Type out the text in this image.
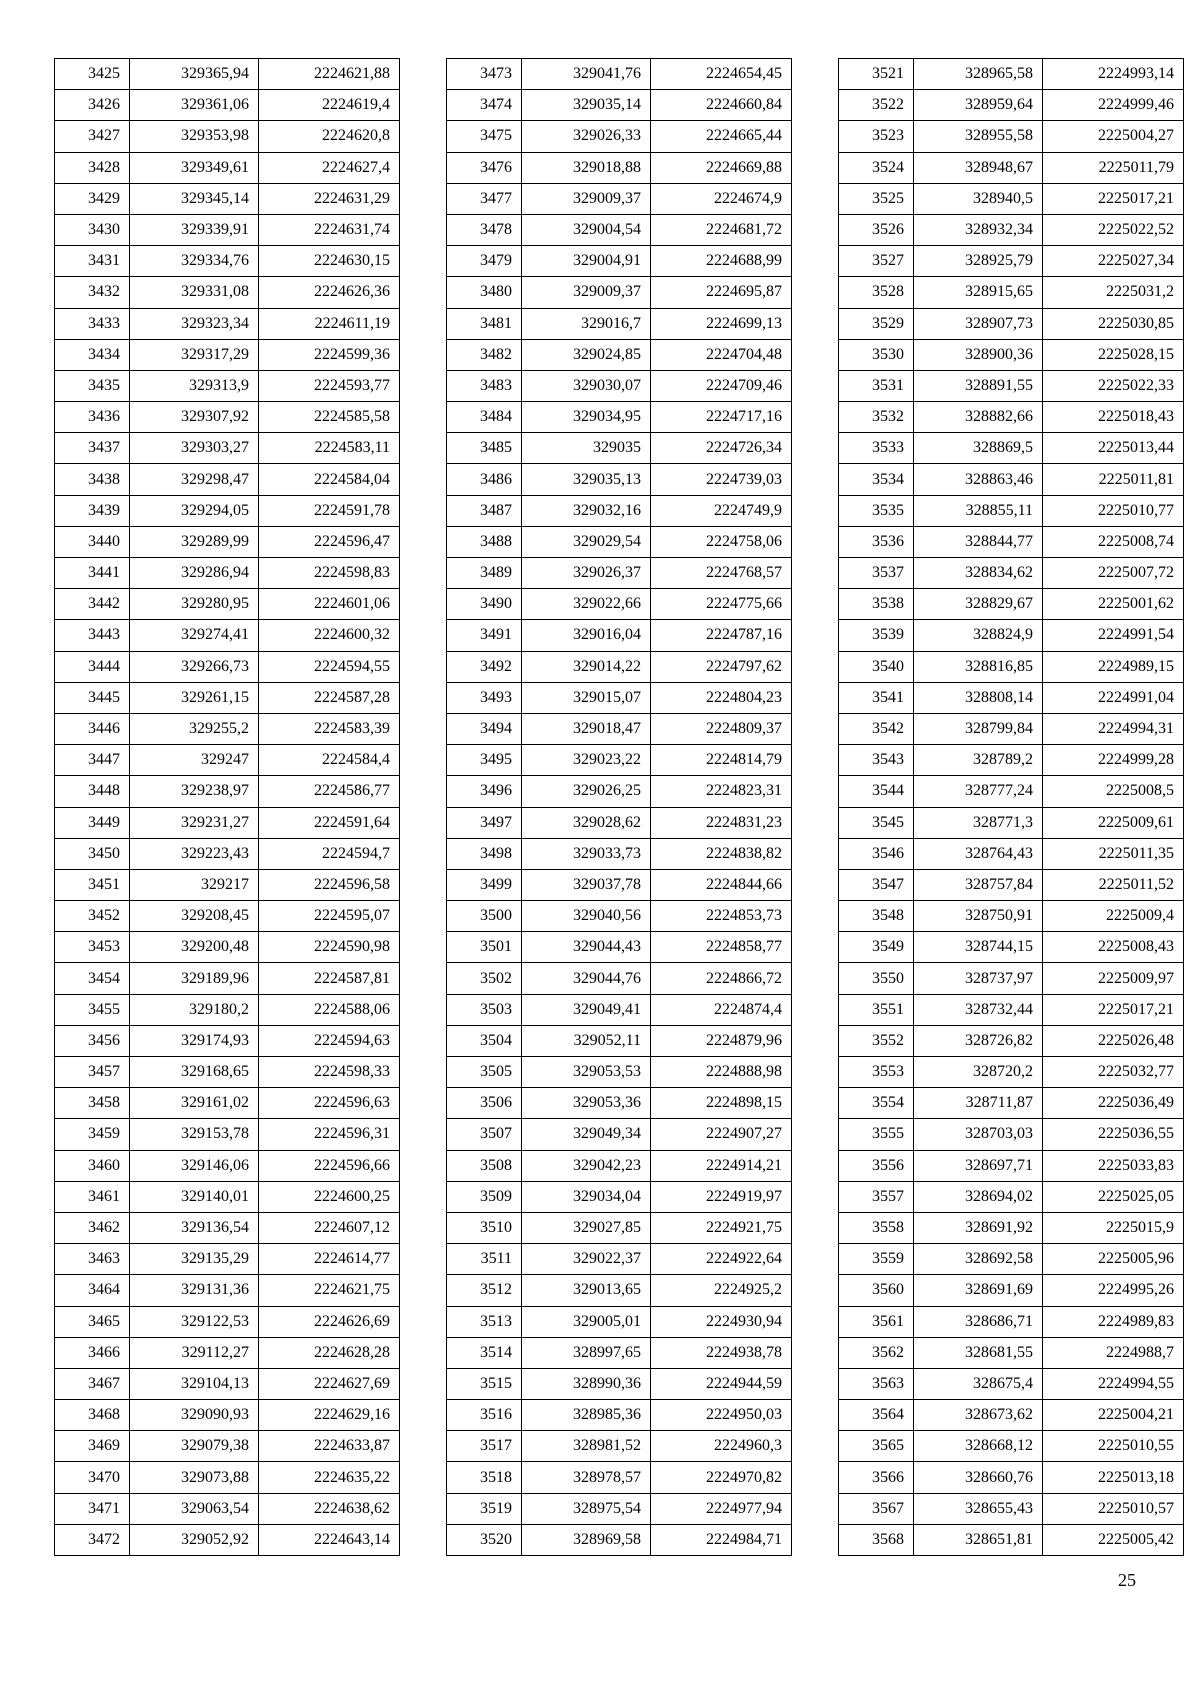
3425	329365,94	2224621,88
3426	329361,06	2224619,4
3427	329353,98	2224620,8
3428	329349,61	2224627,4
3429	329345,14	2224631,29
3430	329339,91	2224631,74
3431	329334,76	2224630,15
3432	329331,08	2224626,36
3433	329323,34	2224611,19
3434	329317,29	2224599,36
3435	329313,9	2224593,77
3436	329307,92	2224585,58
3437	329303,27	2224583,11
3438	329298,47	2224584,04
3439	329294,05	2224591,78
3440	329289,99	2224596,47
3441	329286,94	2224598,83
3442	329280,95	2224601,06
3443	329274,41	2224600,32
3444	329266,73	2224594,55
3445	329261,15	2224587,28
3446	329255,2	2224583,39
3447	329247	2224584,4
3448	329238,97	2224586,77
3449	329231,27	2224591,64
3450	329223,43	2224594,7
3451	329217	2224596,58
3452	329208,45	2224595,07
3453	329200,48	2224590,98
3454	329189,96	2224587,81
3455	329180,2	2224588,06
3456	329174,93	2224594,63
3457	329168,65	2224598,33
3458	329161,02	2224596,63
3459	329153,78	2224596,31
3460	329146,06	2224596,66
3461	329140,01	2224600,25
3462	329136,54	2224607,12
3463	329135,29	2224614,77
3464	329131,36	2224621,75
3465	329122,53	2224626,69
3466	329112,27	2224628,28
3467	329104,13	2224627,69
3468	329090,93	2224629,16
3469	329079,38	2224633,87
3470	329073,88	2224635,22
3471	329063,54	2224638,62
3472	329052,92	2224643,14
3473	329041,76	2224654,45
3474	329035,14	2224660,84
3475	329026,33	2224665,44
3476	329018,88	2224669,88
3477	329009,37	2224674,9
3478	329004,54	2224681,72
3479	329004,91	2224688,99
3480	329009,37	2224695,87
3481	329016,7	2224699,13
3482	329024,85	2224704,48
3483	329030,07	2224709,46
3484	329034,95	2224717,16
3485	329035	2224726,34
3486	329035,13	2224739,03
3487	329032,16	2224749,9
3488	329029,54	2224758,06
3489	329026,37	2224768,57
3490	329022,66	2224775,66
3491	329016,04	2224787,16
3492	329014,22	2224797,62
3493	329015,07	2224804,23
3494	329018,47	2224809,37
3495	329023,22	2224814,79
3496	329026,25	2224823,31
3497	329028,62	2224831,23
3498	329033,73	2224838,82
3499	329037,78	2224844,66
3500	329040,56	2224853,73
3501	329044,43	2224858,77
3502	329044,76	2224866,72
3503	329049,41	2224874,4
3504	329052,11	2224879,96
3505	329053,53	2224888,98
3506	329053,36	2224898,15
3507	329049,34	2224907,27
3508	329042,23	2224914,21
3509	329034,04	2224919,97
3510	329027,85	2224921,75
3511	329022,37	2224922,64
3512	329013,65	2224925,2
3513	329005,01	2224930,94
3514	328997,65	2224938,78
3515	328990,36	2224944,59
3516	328985,36	2224950,03
3517	328981,52	2224960,3
3518	328978,57	2224970,82
3519	328975,54	2224977,94
3520	328969,58	2224984,71
3521	328965,58	2224993,14
3522	328959,64	2224999,46
3523	328955,58	2225004,27
3524	328948,67	2225011,79
3525	328940,5	2225017,21
3526	328932,34	2225022,52
3527	328925,79	2225027,34
3528	328915,65	2225031,2
3529	328907,73	2225030,85
3530	328900,36	2225028,15
3531	328891,55	2225022,33
3532	328882,66	2225018,43
3533	328869,5	2225013,44
3534	328863,46	2225011,81
3535	328855,11	2225010,77
3536	328844,77	2225008,74
3537	328834,62	2225007,72
3538	328829,67	2225001,62
3539	328824,9	2224991,54
3540	328816,85	2224989,15
3541	328808,14	2224991,04
3542	328799,84	2224994,31
3543	328789,2	2224999,28
3544	328777,24	2225008,5
3545	328771,3	2225009,61
3546	328764,43	2225011,35
3547	328757,84	2225011,52
3548	328750,91	2225009,4
3549	328744,15	2225008,43
3550	328737,97	2225009,97
3551	328732,44	2225017,21
3552	328726,82	2225026,48
3553	328720,2	2225032,77
3554	328711,87	2225036,49
3555	328703,03	2225036,55
3556	328697,71	2225033,83
3557	328694,02	2225025,05
3558	328691,92	2225015,9
3559	328692,58	2225005,96
3560	328691,69	2224995,26
3561	328686,71	2224989,83
3562	328681,55	2224988,7
3563	328675,4	2224994,55
3564	328673,62	2225004,21
3565	328668,12	2225010,55
3566	328660,76	2225013,18
3567	328655,43	2225010,57
3568	328651,81	2225005,42
25
